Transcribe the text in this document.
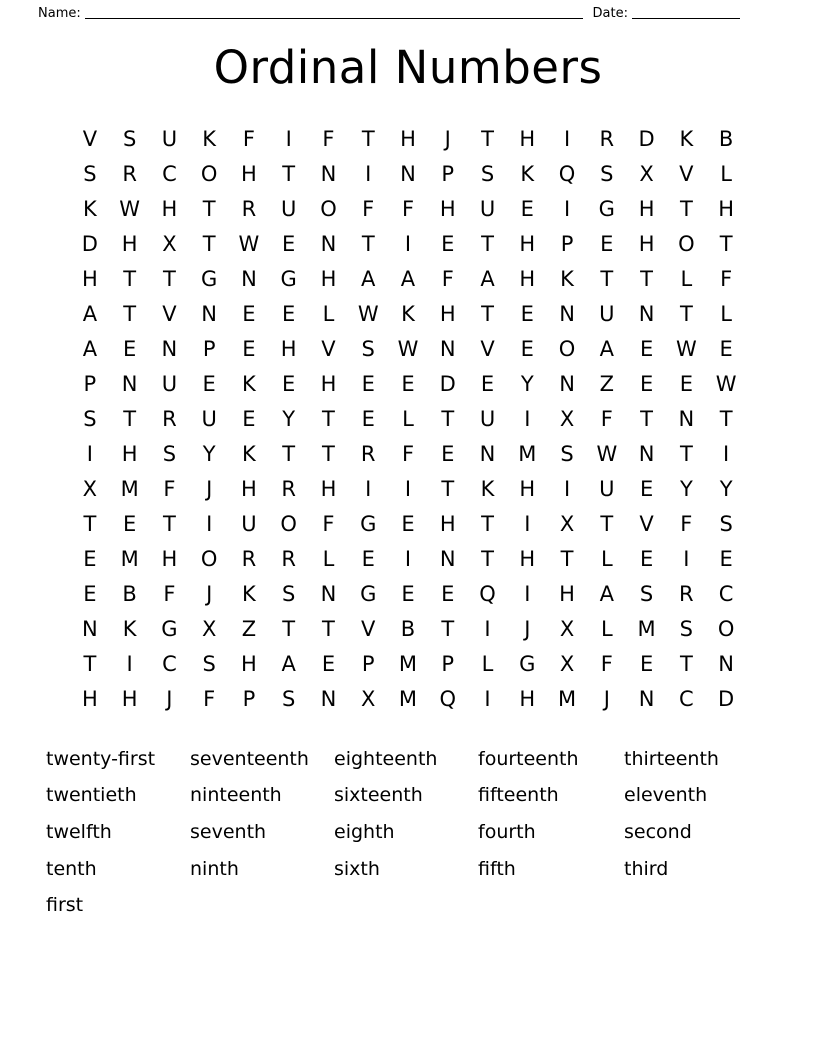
Name:	Date:
Ordinal Numbers
V	S	U	K	F	I	F	T	H	J	T	H	I	R	D	K	B
S	R	C	O	H	T	N	I	N	P	S	K	Q	S	X	V	L
K	W	H	T	R	U	O	F	F	H	U	E	I	G	H	T	H
D	H	X	T	W	E	N	T	I	E	T	H	P	E	H	O	T
H	T	T	G	N	G	H	A	A	F	A	H	K	T	T	L	F
A	T	V	N	E	E	L	W	K	H	T	E	N	U	N	T	L
A	E	N	P	E	H	V	S	W	N	V	E	O	A	E	W	E
P	N	U	E	K	E	H	E	E	D	E	Y	N	Z	E	E	W
S	T	R	U	E	Y	T	E	L	T	U	I	X	F	T	N	T
I	H	S	Y	K	T	T	R	F	E	N	M	S	W	N	T	I
X	M	F	J	H	R	H	I	I	T	K	H	I	U	E	Y	Y
T	E	T	I	U	O	F	G	E	H	T	I	X	T	V	F	S
E	M	H	O	R	R	L	E	I	N	T	H	T	L	E	I	E
E	B	F	J	K	S	N	G	E	E	Q	I	H	A	S	R	C
N	K	G	X	Z	T	T	V	B	T	I	J	X	L	M	S	O
T	I	C	S	H	A	E	P	M	P	L	G	X	F	E	T	N
H	H	J	F	P	S	N	X	M	Q	I	H	M	J	N	C	D
twenty-first	seventeenth	eighteenth	fourteenth	thirteenth
twentieth	ninteenth	sixteenth	fifteenth	eleventh
twelfth	seventh	eighth	fourth	second
tenth	ninth	sixth	fifth	third
first
